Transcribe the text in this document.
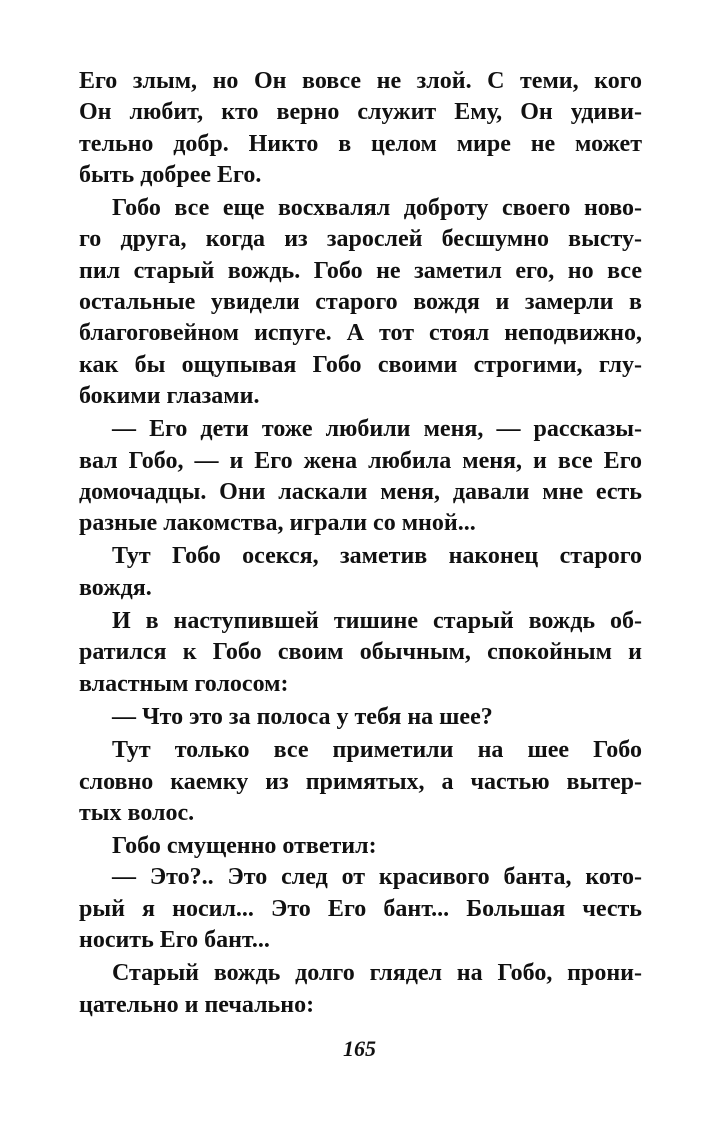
Его злым, но Он вовсе не злой. С теми, кого
Он любит, кто верно служит Ему, Он удиви-
тельно добр. Никто в целом мире не может
быть добрее Его.
Гобо все еще восхвалял доброту своего ново-
го друга, когда из зарослей бесшумно высту-
пил старый вождь. Гобо не заметил его, но все
остальные увидели старого вождя и замерли в
благоговейном испуге. А тот стоял неподвижно,
как бы ощупывая Гобо своими строгими, глу-
бокими глазами.
— Его дети тоже любили меня, — рассказы-
вал Гобо, — и Его жена любила меня, и все Его
домочадцы. Они ласкали меня, давали мне есть
разные лакомства, играли со мной...
Тут Гобо осекся, заметив наконец старого
вождя.
И в наступившей тишине старый вождь об-
ратился к Гобо своим обычным, спокойным и
властным голосом:
— Что это за полоса у тебя на шее?
Тут только все приметили на шее Гобо
словно каемку из примятых, а частью вытер-
тых волос.
Гобо смущенно ответил:
— Это?.. Это след от красивого банта, кото-
рый я носил... Это Его бант... Большая честь
носить Его бант...
Старый вождь долго глядел на Гобо, прони-
цательно и печально:
165
